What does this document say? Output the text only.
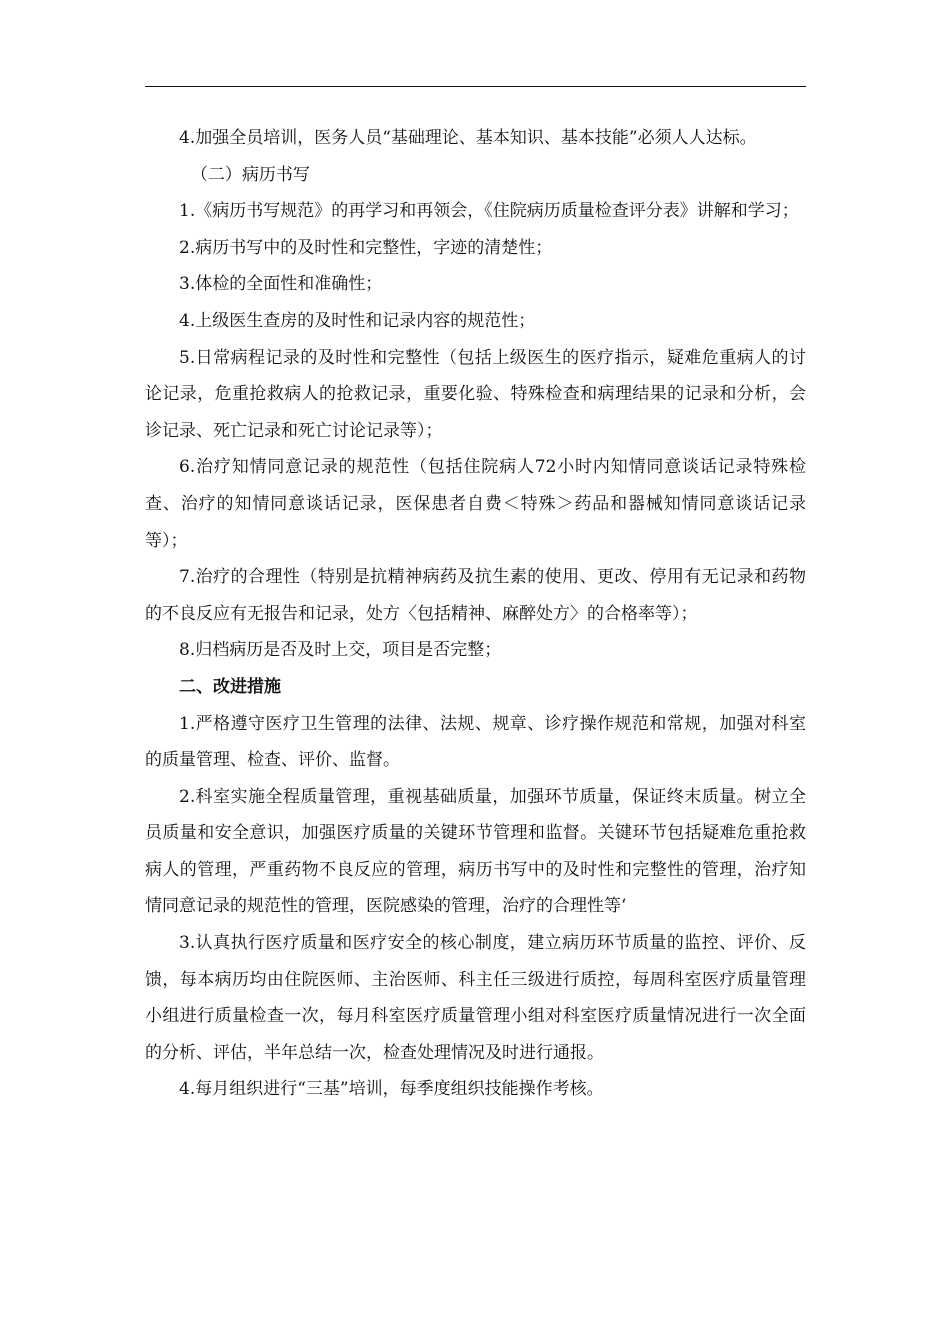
4.加强全员培训，医务人员“基础理论、基本知识、基本技能”必须人人达标。

（二）病历书写

1.《病历书写规范》的再学习和再领会，《住院病历质量检查评分表》讲解和学习；

2.病历书写中的及时性和完整性，字迹的清楚性；

3.体检的全面性和准确性；

4.上级医生查房的及时性和记录内容的规范性；

5.日常病程记录的及时性和完整性（包括上级医生的医疗指示，疑难危重病人的讨论记录，危重抢救病人的抢救记录，重要化验、特殊检查和病理结果的记录和分析，会诊记录、死亡记录和死亡讨论记录等）；

6.治疗知情同意记录的规范性（包括住院病人72小时内知情同意谈话记录特殊检查、治疗的知情同意谈话记录，医保患者自费＜特殊＞药品和器械知情同意谈话记录等）；

7.治疗的合理性（特别是抗精神病药及抗生素的使用、更改、停用有无记录和药物的不良反应有无报告和记录，处方〈包括精神、麻醉处方〉的合格率等）；

8.归档病历是否及时上交，项目是否完整；

二、改进措施

1.严格遵守医疗卫生管理的法律、法规、规章、诊疗操作规范和常规，加强对科室的质量管理、检查、评价、监督。

2.科室实施全程质量管理，重视基础质量，加强环节质量，保证终末质量。树立全员质量和安全意识，加强医疗质量的关键环节管理和监督。关键环节包括疑难危重抢救病人的管理，严重药物不良反应的管理，病历书写中的及时性和完整性的管理，治疗知情同意记录的规范性的管理，医院感染的管理，治疗的合理性等‘

3.认真执行医疗质量和医疗安全的核心制度，建立病历环节质量的监控、评价、反馈，每本病历均由住院医师、主治医师、科主任三级进行质控，每周科室医疗质量管理小组进行质量检查一次，每月科室医疗质量管理小组对科室医疗质量情况进行一次全面的分析、评估，半年总结一次，检查处理情况及时进行通报。

4.每月组织进行“三基”培训，每季度组织技能操作考核。
